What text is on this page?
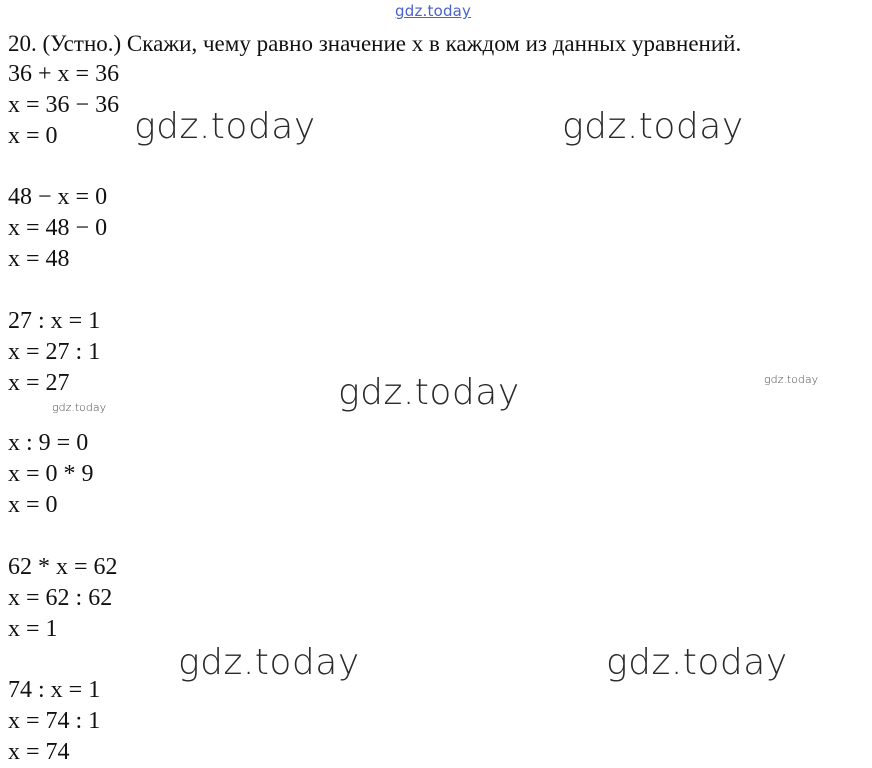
gdz.today
20. (Устно.) Скажи, чему равно значение x в каждом из данных уравнений.
36 + x = 36
x = 36 − 36
x = 0
48 − x = 0
x = 48 − 0
x = 48
27 : x = 1
x = 27 : 1
x = 27
x : 9 = 0
x = 0 * 9
x = 0
62 * x = 62
x = 62 : 62
x = 1
74 : x = 1
x = 74 : 1
x = 74
gdz.today	gdz.today
gdz.today	gdz.today
gdz.today
gdz.today	gdz.today
